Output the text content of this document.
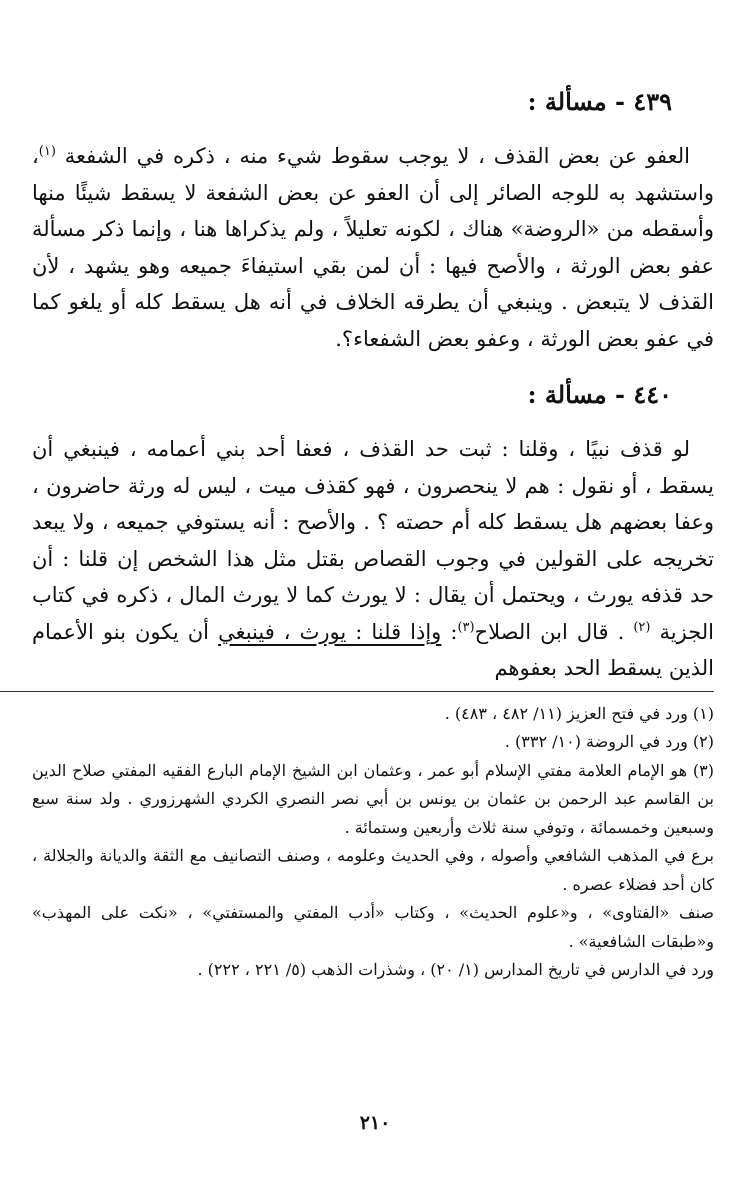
٤٣٩ - مسألة :

العفو عن بعض القذف ، لا يوجب سقوط شيء منه ، ذكره في الشفعة $^{(١)}$، واستشهد به للوجه الصائر إلى أن العفو عن بعض الشفعة لا يسقط شيئًا منها وأسقطه من «الروضة» هناك ، لكونه تعليلاً ، ولم يذكراها هنا ، وإنما ذكر مسألة عفو بعض الورثة ، والأصح فيها : أن لمن بقي استيفاءَ جميعه وهو يشهد ، لأن القذف لا يتبعض . وينبغي أن يطرقه الخلاف في أنه هل يسقط كله أو يلغو كما في عفو بعض الورثة ، وعفو بعض الشفعاء؟.

٤٤٠ - مسألة :

لو قذف نبيًا ، وقلنا : ثبت حد القذف ، فعفا أحد بني أعمامه ، فينبغي أن يسقط ، أو نقول : هم لا ينحصرون ، فهو كقذف ميت ، ليس له ورثة حاضرون ، وعفا بعضهم هل يسقط كله أم حصته ؟ . والأصح : أنه يستوفي جميعه ، ولا يبعد تخريجه على القولين في وجوب القصاص بقتل مثل هذا الشخص إن قلنا : أن حد قذفه يورث ، ويحتمل أن يقال : لا يورث كما لا يورث المال ، ذكره في كتاب الجزية $^{(٢)}$ . قال ابن الصلاح$^{(٣)}$: وإذا قلنا : يورث ، فينبغي أن يكون بنو الأعمام الذين يسقط الحد بعفوهم

(١) ورد في فتح العزيز (١١/ ٤٨٢ ، ٤٨٣) .

(٢) ورد في الروضة (١٠/ ٣٣٢) .

(٣) هو الإمام العلامة مفتي الإسلام أبو عمر ، وعثمان ابن الشيخ الإمام البارع الفقيه المفتي صلاح الدين بن القاسم عبد الرحمن بن عثمان بن يونس بن أبي نصر النصري الكردي الشهرزوري . ولد سنة سبع وسبعين وخمسمائة ، وتوفي سنة ثلاث وأربعين وستمائة .

برع في المذهب الشافعي وأصوله ، وفي الحديث وعلومه ، وصنف التصانيف مع الثقة والديانة والجلالة ، كان أحد فضلاء عصره .

صنف «الفتاوى» ، و«علوم الحديث» ، وكتاب «أدب المفتي والمستفتي» ، «نكت على المهذب» و«طبقات الشافعية» .

ورد في الدارس في تاريخ المدارس (١/ ٢٠) ، وشذرات الذهب (٥/ ٢٢١ ، ٢٢٢) .

٢١٠
